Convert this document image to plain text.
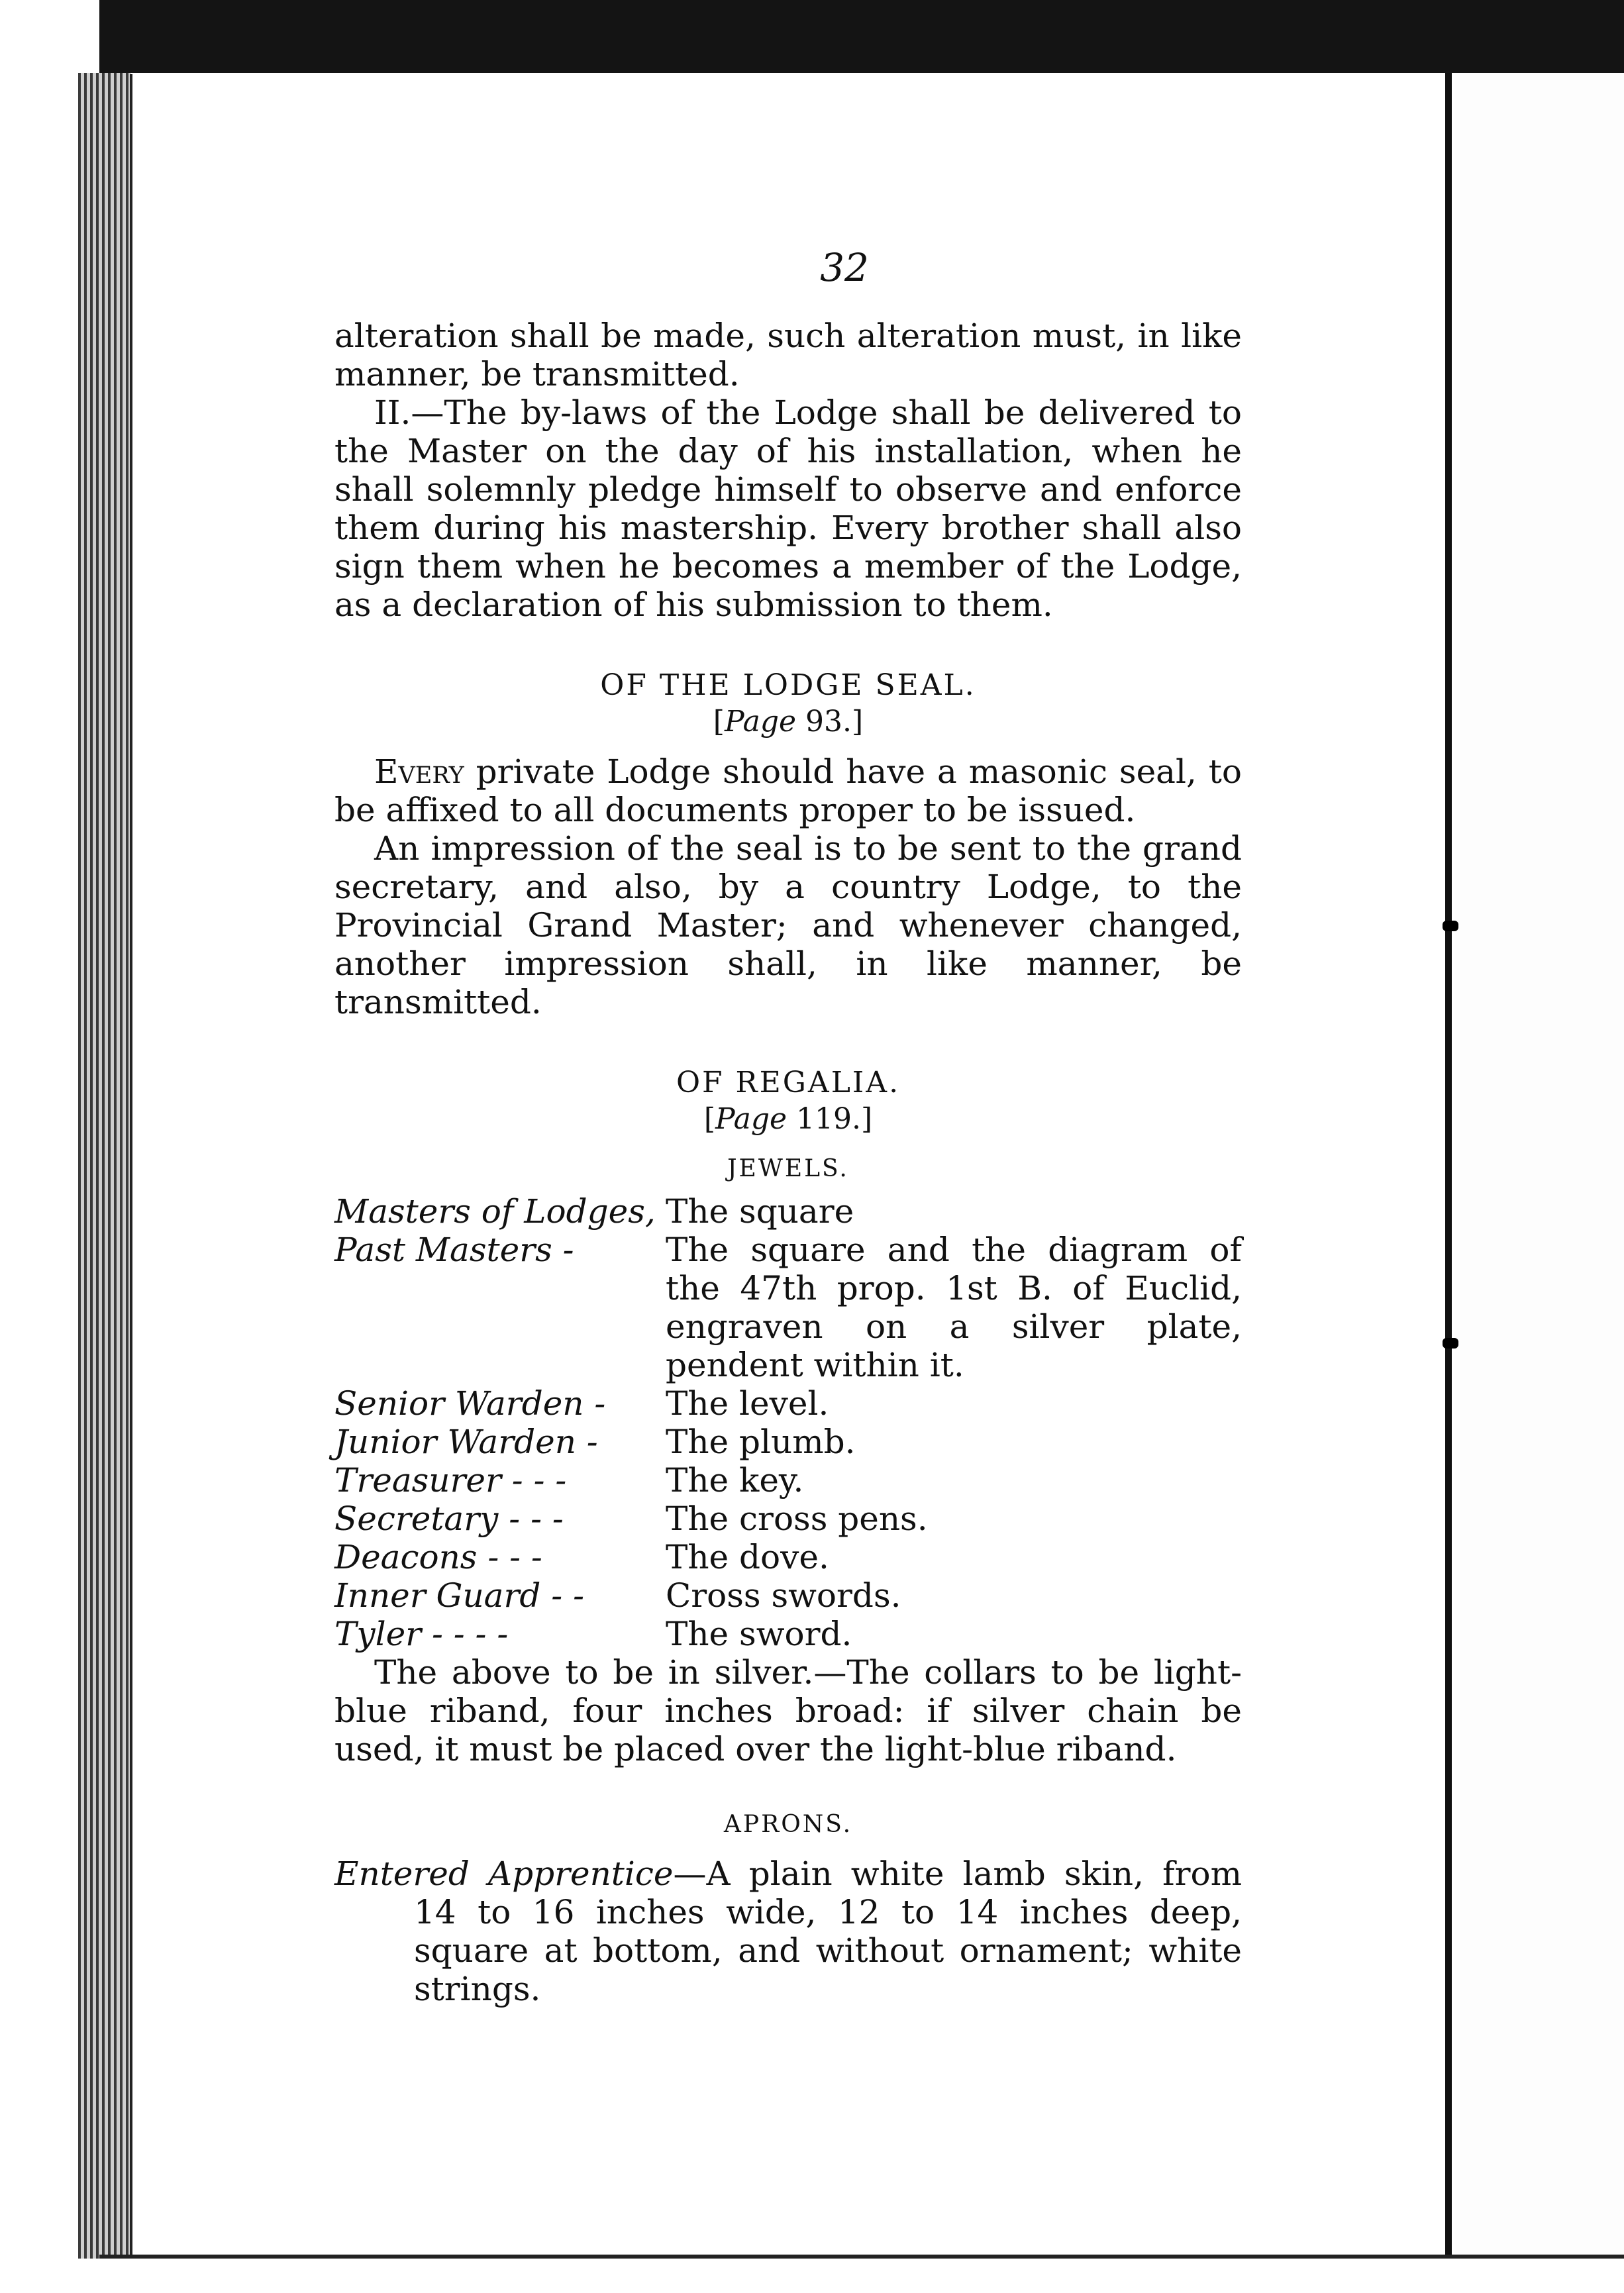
32

alteration shall be made, such alteration must, in like manner, be transmitted.

II.—The by-laws of the Lodge shall be delivered to the Master on the day of his installation, when he shall solemnly pledge himself to observe and enforce them during his mastership. Every brother shall also sign them when he becomes a member of the Lodge, as a declaration of his submission to them.

OF THE LODGE SEAL.
[Page 93.]

Every private Lodge should have a masonic seal, to be affixed to all documents proper to be issued.

An impression of the seal is to be sent to the grand secretary, and also, by a country Lodge, to the Provincial Grand Master; and whenever changed, another impression shall, in like manner, be transmitted.

OF REGALIA.
[Page 119.]
JEWELS.
Masters of Lodges,	The square
Past Masters -	The square and the diagram of the 47th prop. 1st B. of Euclid, engraven on a silver plate, pendent within it.
Senior Warden -	The level.
Junior Warden -	The plumb.
Treasurer - - -	The key.
Secretary - - -	The cross pens.
Deacons - - -	The dove.
Inner Guard - -	Cross swords.
Tyler - - - -	The sword.

The above to be in silver.—The collars to be light-blue riband, four inches broad: if silver chain be used, it must be placed over the light-blue riband.

APRONS.

Entered Apprentice—A plain white lamb skin, from 14 to 16 inches wide, 12 to 14 inches deep, square at bottom, and without ornament; white strings.
